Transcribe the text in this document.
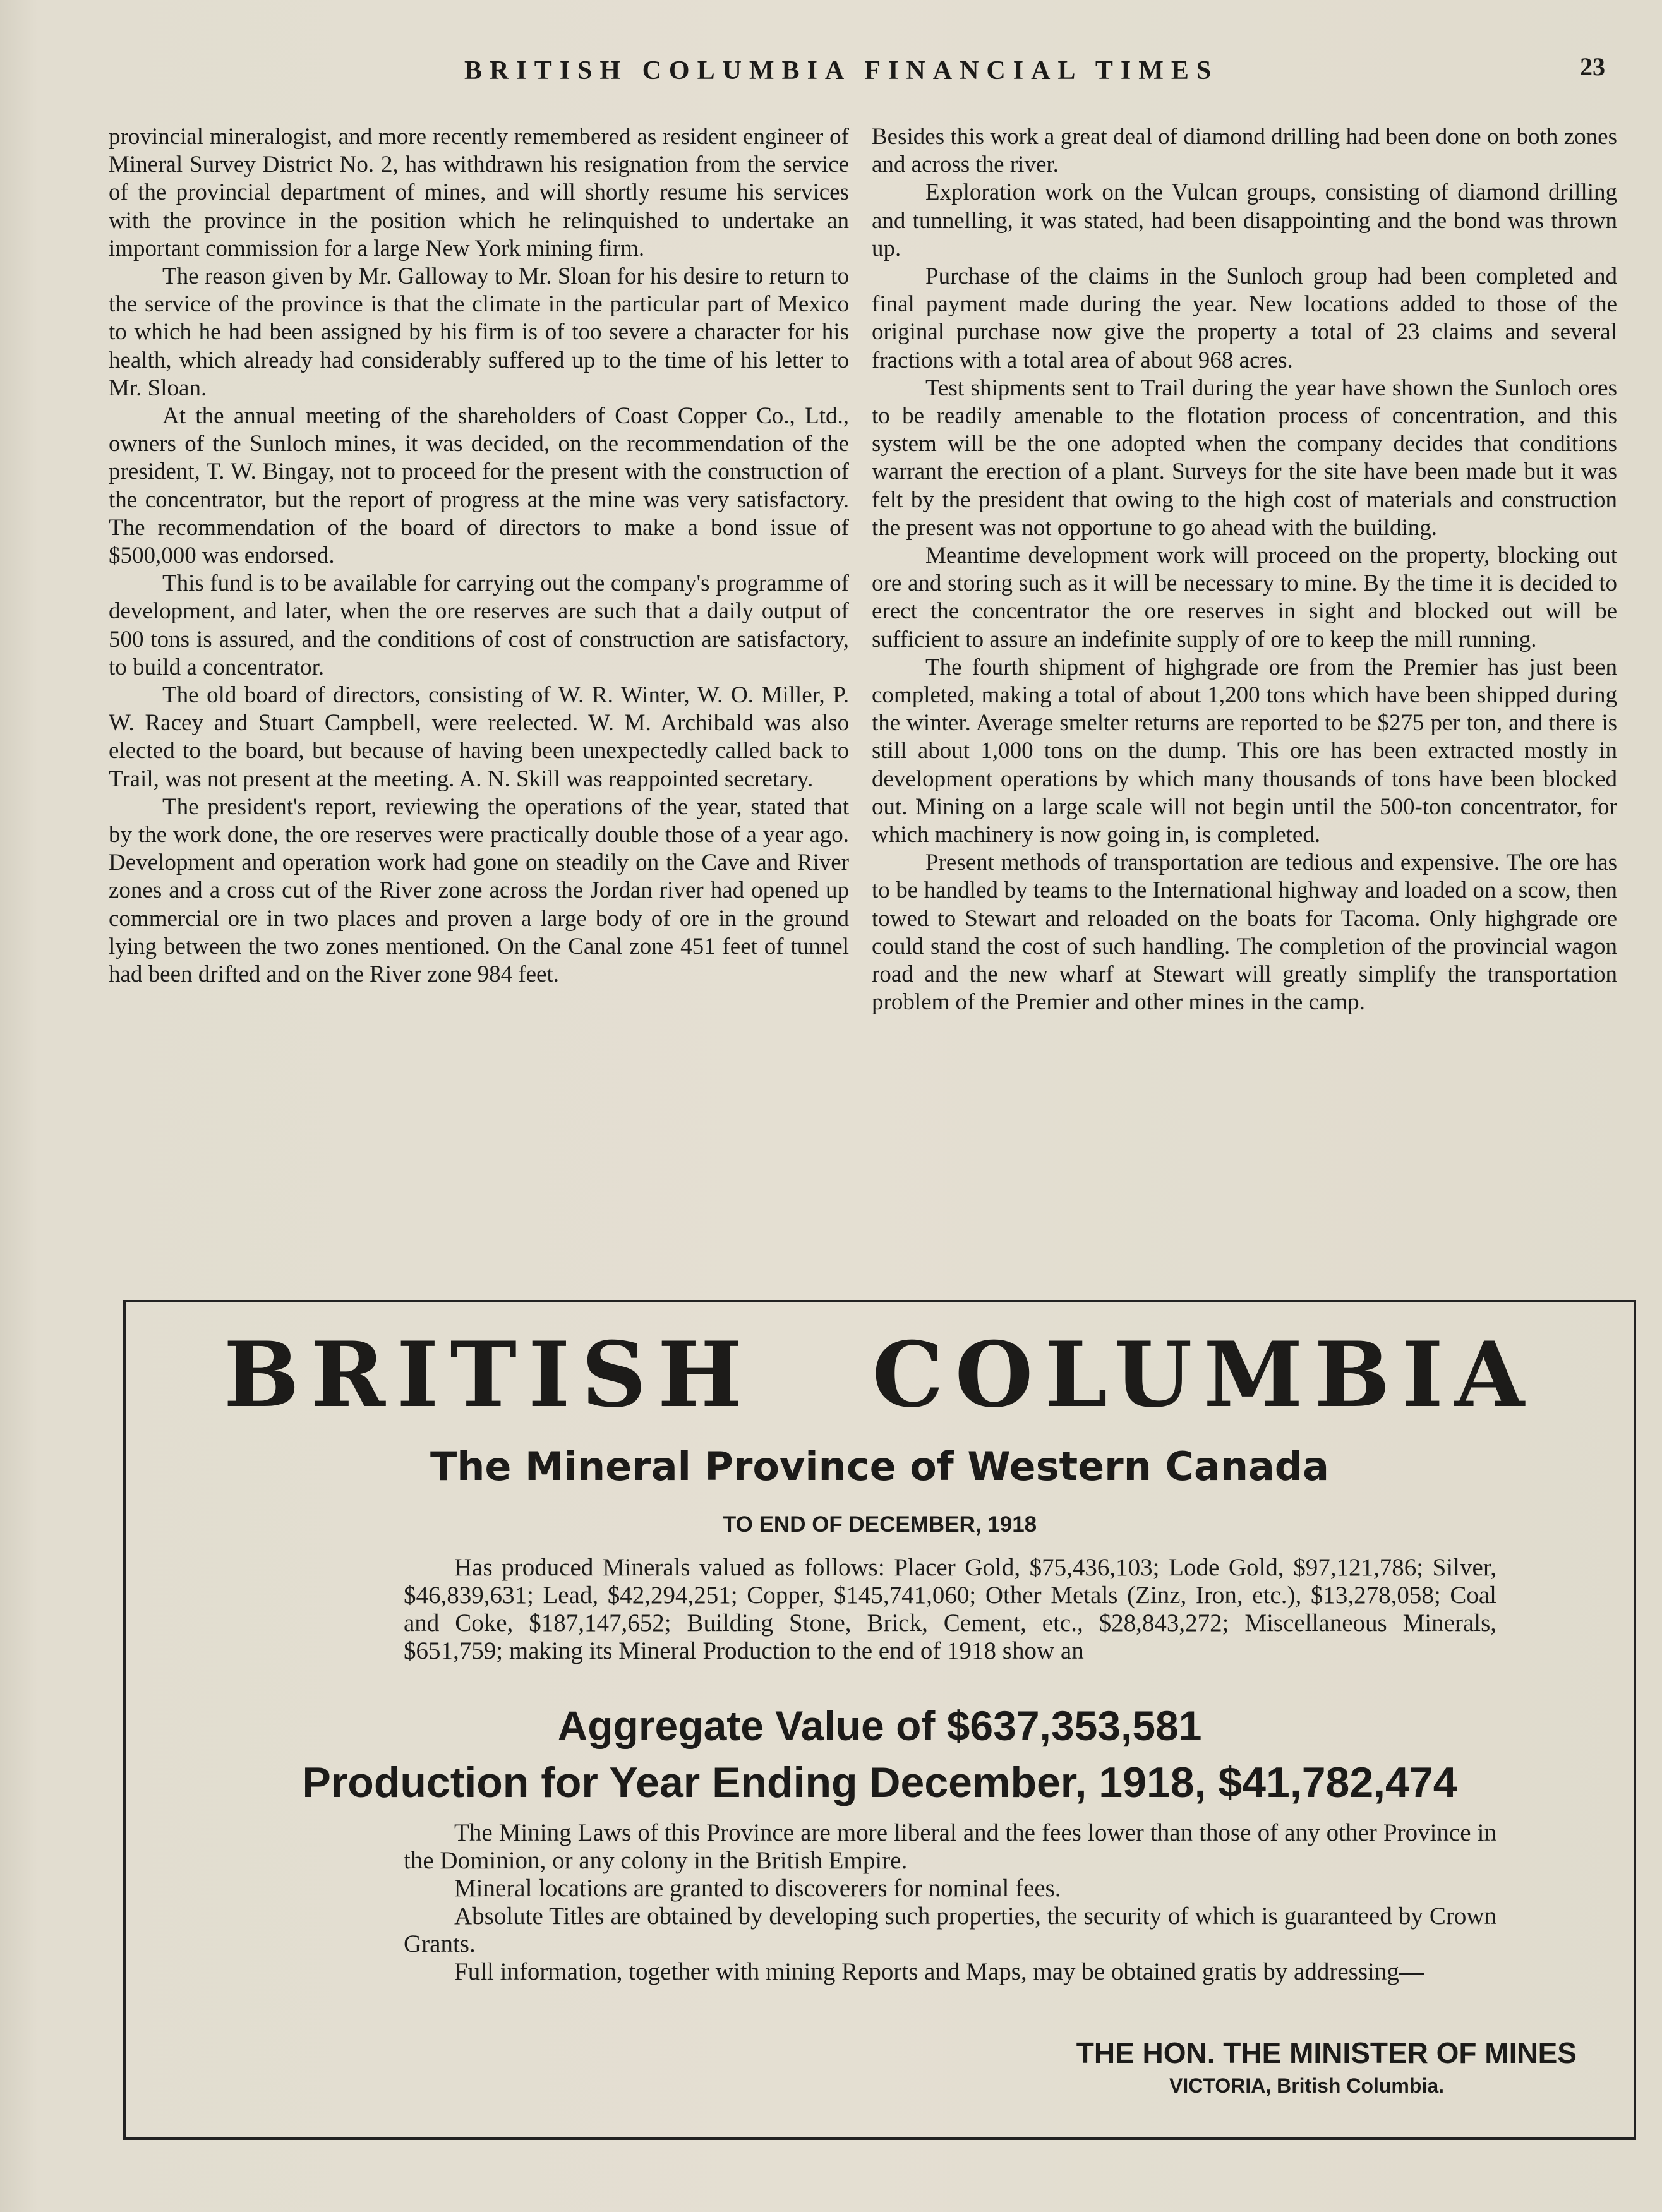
BRITISH COLUMBIA FINANCIAL TIMES	23

provincial mineralogist, and more recently remembered as resident engineer of Mineral Survey District No. 2, has withdrawn his resignation from the service of the provincial department of mines, and will shortly resume his services with the province in the position which he relinquished to undertake an important commission for a large New York mining firm.

The reason given by Mr. Galloway to Mr. Sloan for his desire to return to the service of the province is that the climate in the particular part of Mexico to which he had been assigned by his firm is of too severe a character for his health, which already had considerably suffered up to the time of his letter to Mr. Sloan.

At the annual meeting of the shareholders of Coast Copper Co., Ltd., owners of the Sunloch mines, it was decided, on the recommendation of the president, T. W. Bingay, not to proceed for the present with the construction of the concentrator, but the report of progress at the mine was very satisfactory. The recommendation of the board of directors to make a bond issue of $500,000 was endorsed.

This fund is to be available for carrying out the company's programme of development, and later, when the ore reserves are such that a daily output of 500 tons is assured, and the conditions of cost of construction are satisfactory, to build a concentrator.

The old board of directors, consisting of W. R. Winter, W. O. Miller, P. W. Racey and Stuart Campbell, were reelected. W. M. Archibald was also elected to the board, but because of having been unexpectedly called back to Trail, was not present at the meeting. A. N. Skill was reappointed secretary.

The president's report, reviewing the operations of the year, stated that by the work done, the ore reserves were practically double those of a year ago. Development and operation work had gone on steadily on the Cave and River zones and a cross cut of the River zone across the Jordan river had opened up commercial ore in two places and proven a large body of ore in the ground lying between the two zones mentioned. On the Canal zone 451 feet of tunnel had been drifted and on the River zone 984 feet.

Besides this work a great deal of diamond drilling had been done on both zones and across the river.

Exploration work on the Vulcan groups, consisting of diamond drilling and tunnelling, it was stated, had been disappointing and the bond was thrown up.

Purchase of the claims in the Sunloch group had been completed and final payment made during the year. New locations added to those of the original purchase now give the property a total of 23 claims and several fractions with a total area of about 968 acres.

Test shipments sent to Trail during the year have shown the Sunloch ores to be readily amenable to the flotation process of concentration, and this system will be the one adopted when the company decides that conditions warrant the erection of a plant. Surveys for the site have been made but it was felt by the president that owing to the high cost of materials and construction the present was not opportune to go ahead with the building.

Meantime development work will proceed on the property, blocking out ore and storing such as it will be necessary to mine. By the time it is decided to erect the concentrator the ore reserves in sight and blocked out will be sufficient to assure an indefinite supply of ore to keep the mill running.

The fourth shipment of highgrade ore from the Premier has just been completed, making a total of about 1,200 tons which have been shipped during the winter. Average smelter returns are reported to be $275 per ton, and there is still about 1,000 tons on the dump. This ore has been extracted mostly in development operations by which many thousands of tons have been blocked out. Mining on a large scale will not begin until the 500-ton concentrator, for which machinery is now going in, is completed.

Present methods of transportation are tedious and expensive. The ore has to be handled by teams to the International highway and loaded on a scow, then towed to Stewart and reloaded on the boats for Tacoma. Only highgrade ore could stand the cost of such handling. The completion of the provincial wagon road and the new wharf at Stewart will greatly simplify the transportation problem of the Premier and other mines in the camp.

BRITISH COLUMBIA
The Mineral Province of Western Canada
TO END OF DECEMBER, 1918

Has produced Minerals valued as follows: Placer Gold, $75,436,103; Lode Gold, $97,121,786; Silver, $46,839,631; Lead, $42,294,251; Copper, $145,741,060; Other Metals (Zinz, Iron, etc.), $13,278,058; Coal and Coke, $187,147,652; Building Stone, Brick, Cement, etc., $28,843,272; Miscellaneous Minerals, $651,759; making its Mineral Production to the end of 1918 show an

Aggregate Value of $637,353,581
Production for Year Ending December, 1918, $41,782,474

The Mining Laws of this Province are more liberal and the fees lower than those of any other Province in the Dominion, or any colony in the British Empire.

Mineral locations are granted to discoverers for nominal fees.

Absolute Titles are obtained by developing such properties, the security of which is guaranteed by Crown Grants.

Full information, together with mining Reports and Maps, may be obtained gratis by addressing—

THE HON. THE MINISTER OF MINES
VICTORIA, British Columbia.
